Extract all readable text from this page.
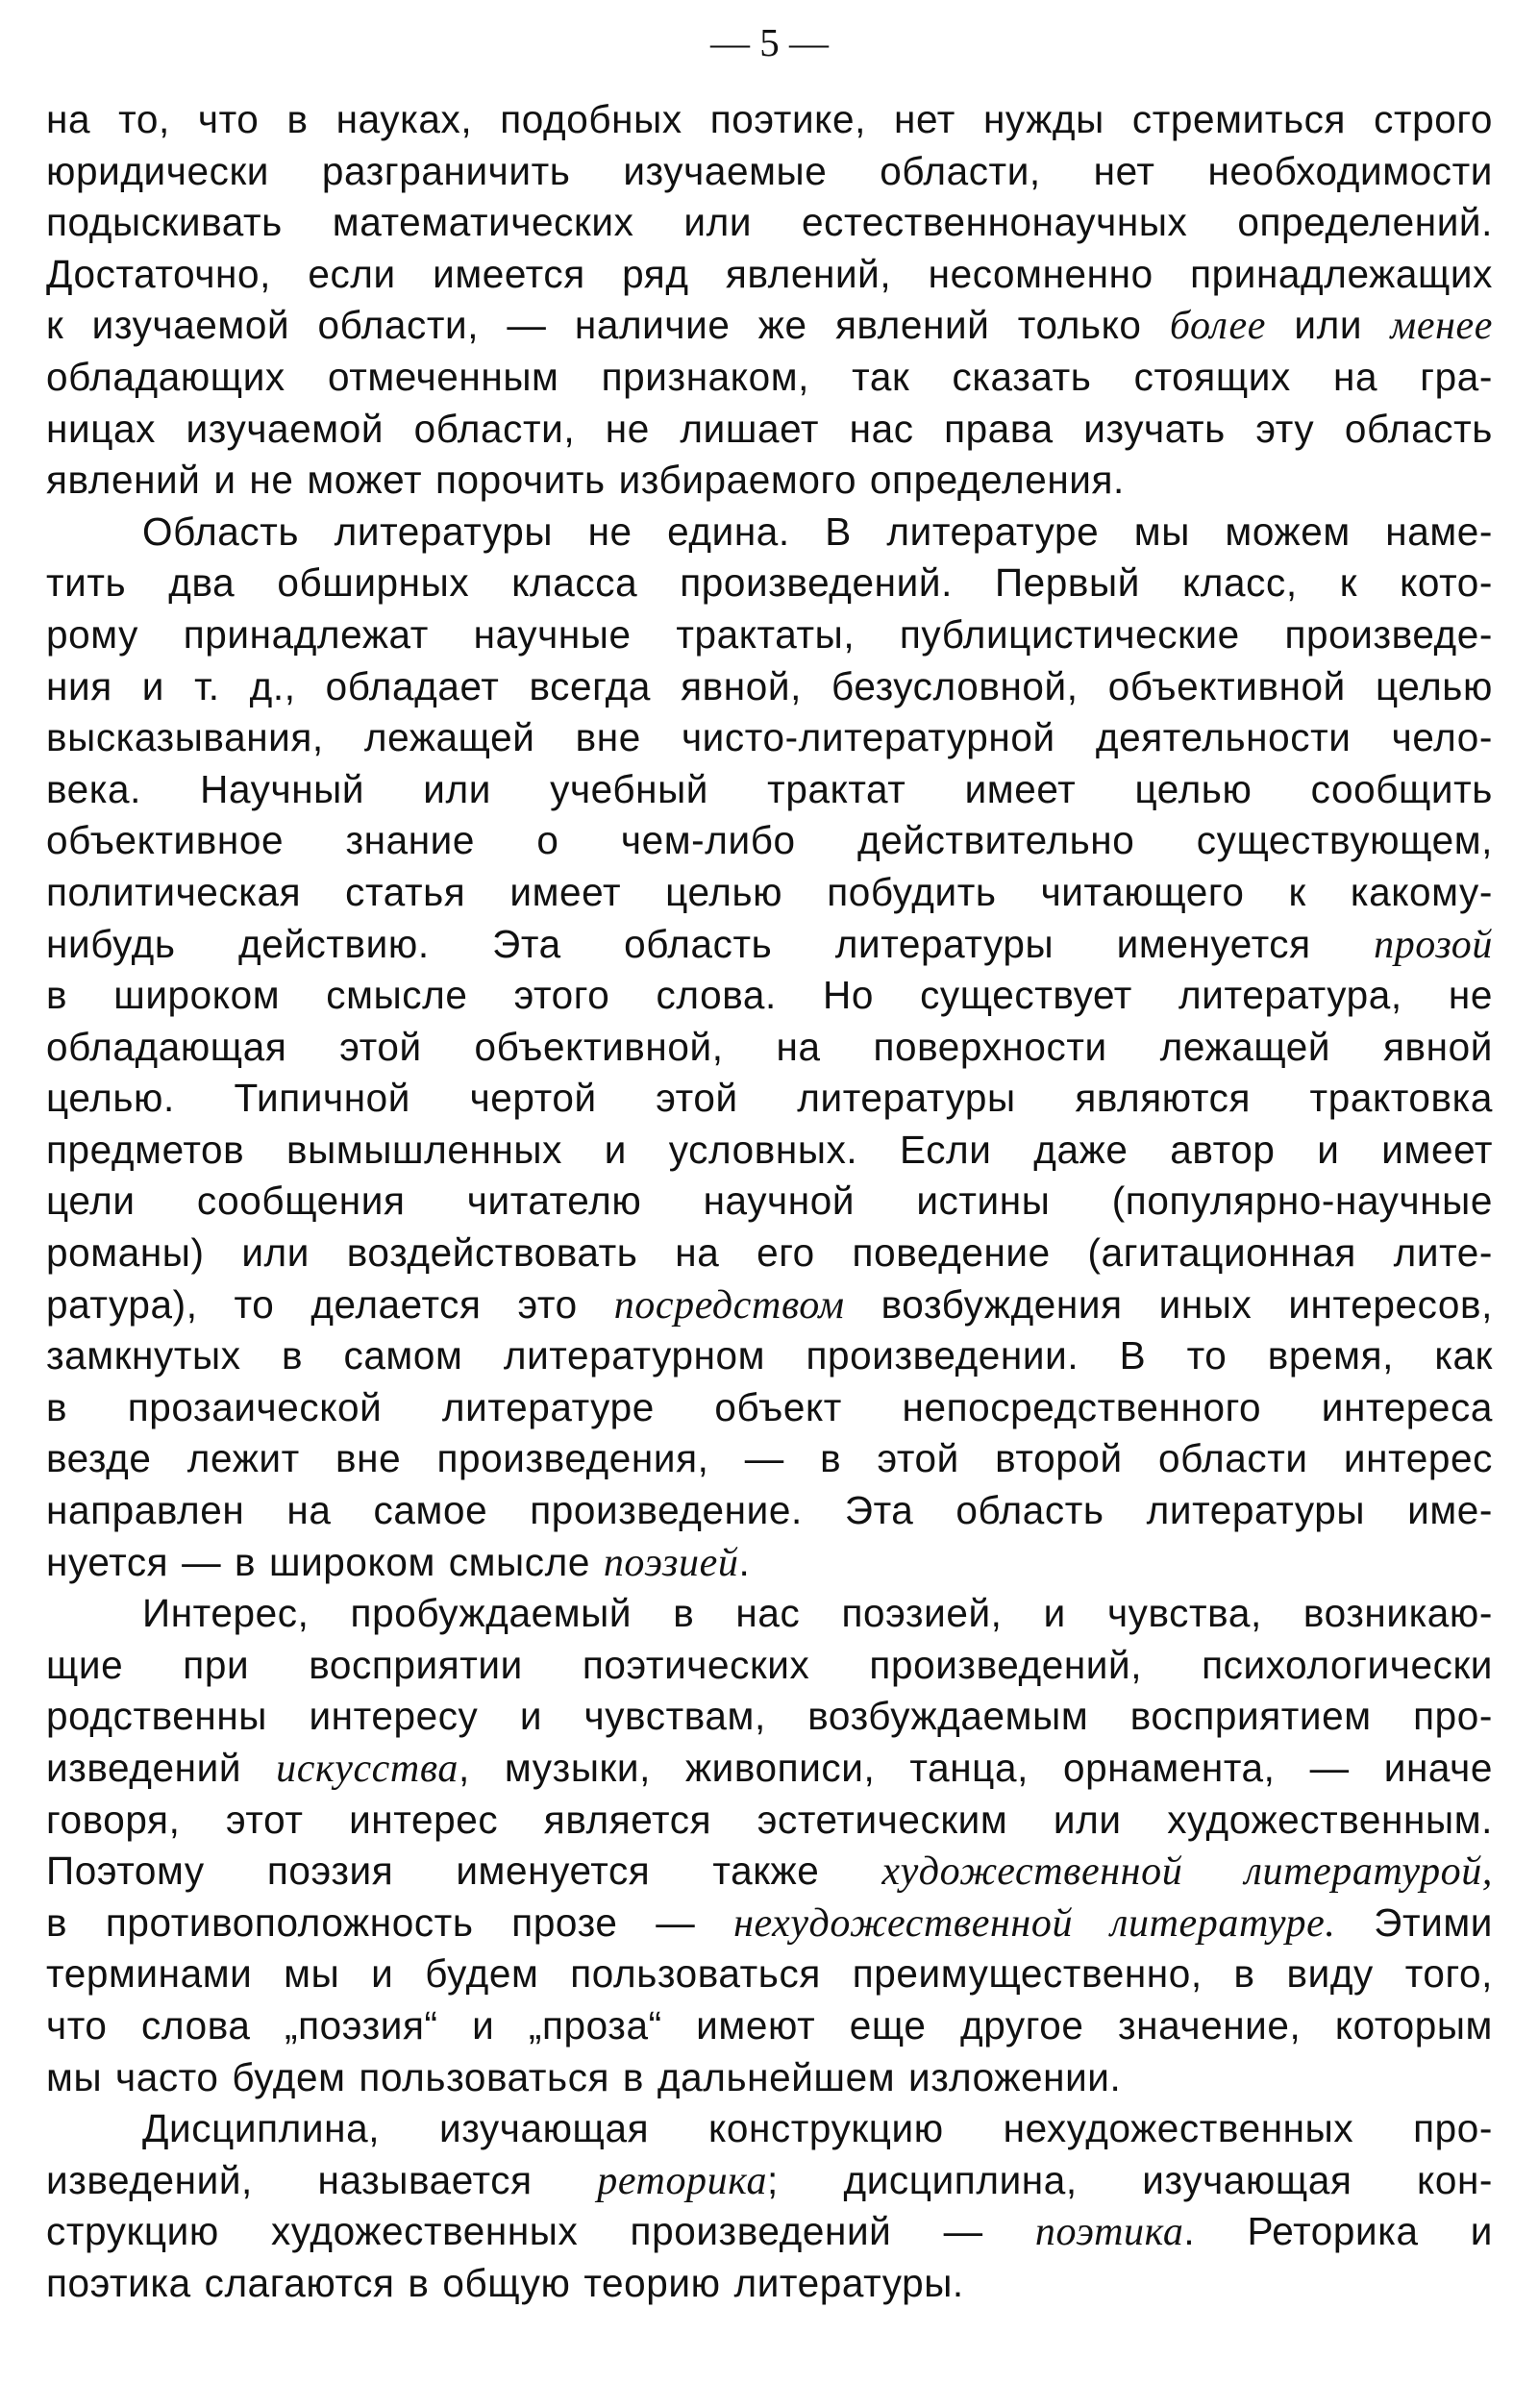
— 5 —

на то, что в науках, подобных поэтике, нет нужды стремиться строго
юридически разграничить изучаемые области, нет необходимости
подыскивать математических или естественнонаучных определений.
Достаточно, если имеется ряд явлений, несомненно принадлежащих
к изучаемой области, — наличие же явлений только более или менее
обладающих отмеченным признаком, так сказать стоящих на гра-
ницах изучаемой области, не лишает нас права изучать эту область
явлений и не может порочить избираемого определения.

Область литературы не едина. В литературе мы можем наме-
тить два обширных класса произведений. Первый класс, к кото-
рому принадлежат научные трактаты, публицистические произведе-
ния и т. д., обладает всегда явной, безусловной, объективной целью
высказывания, лежащей вне чисто-литературной деятельности чело-
века. Научный или учебный трактат имеет целью сообщить
объективное знание о чем-либо действительно существующем,
политическая статья имеет целью побудить читающего к какому-
нибудь действию. Эта область литературы именуется прозой
в широком смысле этого слова. Но существует литература, не
обладающая этой объективной, на поверхности лежащей явной
целью. Типичной чертой этой литературы являются трактовка
предметов вымышленных и условных. Если даже автор и имеет
цели сообщения читателю научной истины (популярно-научные
романы) или воздействовать на его поведение (агитационная лите-
ратура), то делается это посредством возбуждения иных интересов,
замкнутых в самом литературном произведении. В то время, как
в прозаической литературе объект непосредственного интереса
везде лежит вне произведения, — в этой второй области интерес
направлен на самое произведение. Эта область литературы име-
нуется — в широком смысле поэзией.

Интерес, пробуждаемый в нас поэзией, и чувства, возникаю-
щие при восприятии поэтических произведений, психологически
родственны интересу и чувствам, возбуждаемым восприятием про-
изведений искусства, музыки, живописи, танца, орнамента, — иначе
говоря, этот интерес является эстетическим или художественным.
Поэтому поэзия именуется также художественной литературой,
в противоположность прозе — нехудожественной литературе. Этими
терминами мы и будем пользоваться преимущественно, в виду того,
что слова „поэзия“ и „проза“ имеют еще другое значение, которым
мы часто будем пользоваться в дальнейшем изложении.

Дисциплина, изучающая конструкцию нехудожественных про-
изведений, называется реторика; дисциплина, изучающая кон-
струкцию художественных произведений — поэтика. Реторика и
поэтика слагаются в общую теорию литературы.
